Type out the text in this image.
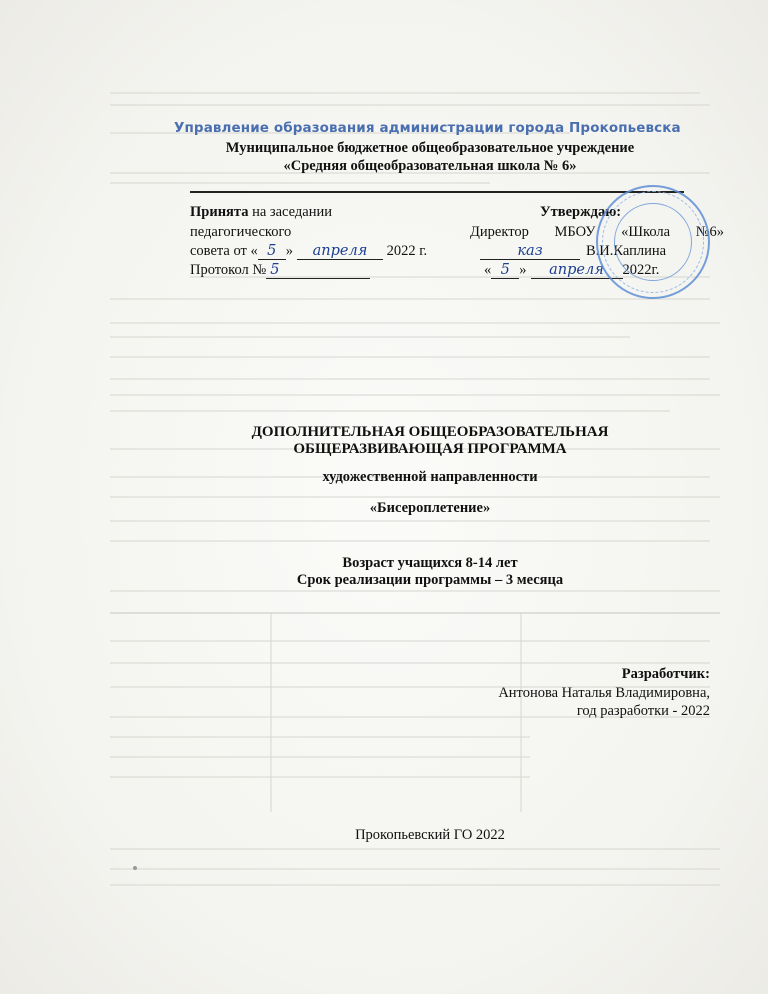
Управление образования администрации города Прокопьевска
Муниципальное бюджетное общеобразовательное учреждение
«Средняя общеобразовательная школа № 6»
Принята на заседании
педагогического
совета от « 5 » апреля 2022 г.
Протокол № 5
Утверждаю:
Директор МБОУ «Школа №6»
каз	В.И.Каплина
« 5 » апреля 2022г.
ДОПОЛНИТЕЛЬНАЯ ОБЩЕОБРАЗОВАТЕЛЬНАЯ
ОБЩЕРАЗВИВАЮЩАЯ ПРОГРАММА
художественной направленности
«Бисероплетение»
Возраст учащихся 8-14 лет
Срок реализации программы – 3 месяца
Разработчик:
Антонова Наталья Владимировна,
год разработки - 2022
Прокопьевский ГО 2022
